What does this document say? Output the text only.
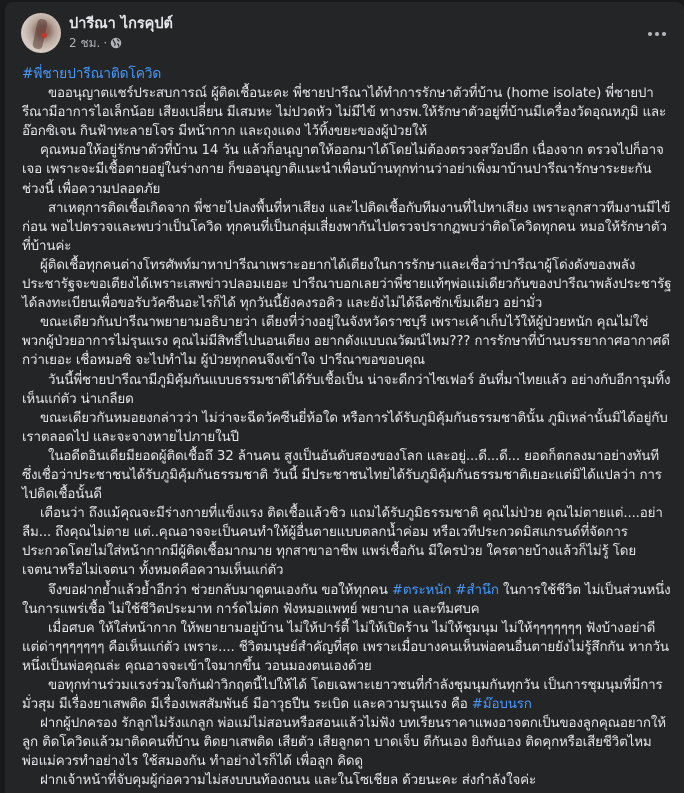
ปารีณา ไกรคุปต์
2 ชม. ·

#พี่ชายปารีณาติดโควิด

ขออนุญาตแชร์ประสบการณ์ ผู้ติดเชื้อนะคะ พี่ชายปารีณาได้ทำการรักษาตัวที่บ้าน (home isolate) พี่ชายปารีณามีอาการไอเล็กน้อย เสียงเปลี่ยน มีเสมหะ ไม่ปวดหัว ไม่มีไข้ ทางรพ.ให้รักษาตัวอยู่ที่บ้านมีเครื่องวัดอุณหภูมิ และอ๊อกซิเจน กินฟ้าทะลายโจร มีหน้ากาก และถุงแดง ไว้ทิ้งขยะของผู้ป่วยให้

คุณหมอให้อยู่รักษาตัวที่บ้าน 14 วัน แล้วก็อนุญาตให้ออกมาได้โดยไม่ต้องตรวจสว๊อปอีก เนื่องจาก ตรวจไปก็อาจเจอ เพราะจะมีเชื้อตายอยู่ในร่างกาย ก็ขออนุญาติแนะนำเพื่อนบ้านทุกท่านว่าอย่าเพิ่งมาบ้านปารีณารักษาระยะกันช่วงนี้ เพื่อความปลอดภัย

สาเหตุการติดเชื้อเกิดจาก พี่ชายไปลงพื้นที่หาเสียง และไปติดเชื้อกับทีมงานที่ไปหาเสียง เพราะลูกสาวทีมงานมีไข้ก่อน พอไปตรวจและพบว่าเป็นโควิด ทุกคนที่เป็นกลุ่มเสี่ยงพากันไปตรวจปรากฏพบว่าติดโควิดทุกคน หมอให้รักษาตัวที่บ้านค่ะ

ผู้ติดเชื้อทุกคนต่างโทรศัพท์มาหาปารีณาเพราะอยากได้เตียงในการรักษาและเชื่อว่าปารีณาผู้โด่งดังของพลังประชารัฐจะขอเตียงได้เพราะเสพข่าวปลอมเยอะ ปารีณาบอกเลยว่าพี่ชายแท้ๆพ่อแม่เดียวกันของปารีณาพลังประชารัฐได้ลงทะเบียนเพื่อขอรับวัคซีนอะไรก็ได้ ทุกวันนี้ยังคงรอคิว และยังไม่ได้ฉีดซักเข็มเดียว อย่ามั่ว

ขณะเดียวกันปารีณาพยายามอธิบายว่า เตียงที่ว่างอยู่ในจังหวัดราชบุรี เพราะเค้าเก็บไว้ให้ผู้ป่วยหนัก คุณไม่ใช่พวกผู้ป่วยอาการไม่รุนแรง คุณไม่มีสิทธิ์ไปนอนเตียง อยากดังแบบณวัฒน์ไหม??? การรักษาที่บ้านบรรยากาศอากาศดีกว่าเยอะ เชื่อหมอซิ จะไปทำไม ผู้ป่วยทุกคนจึงเข้าใจ ปารีณาขอขอบคุณ

วันนี้พี่ชายปารีณามีภูมิคุ้มกันแบบธรรมชาติได้รับเชื้อเป็น น่าจะดีกว่าไซเฟอร์ อันที่มาไทยแล้ว อย่างกับอีการุมทิ้ง เห็นแก่ตัว น่าเกลียด

ขณะเดียวกันหมอยงกล่าวว่า ไม่ว่าจะฉีดวัคซีนยี่ห้อใด หรือการได้รับภูมิคุ้มกันธรรมชาตินั้น ภูมิเหล่านั้นมิได้อยู่กับเราตลอดไป และจะจางหายไปภายในปี

ในอดีตอินเดียมียอดผู้ติดเชื้อถึ 32 ล้านคน สูงเป็นอันดับสองของโลก และอยู่...ดี...ดี... ยอดก็ตกลงมาอย่างทันที ซึ่งเชื่อว่าประชาชนได้รับภูมิคุ้มกันธรรมชาติ วันนี้ มีประชาชนไทยได้รับภูมิคุ้มกันธรรมชาติเยอะแต่มิได้แปลว่า การไปติดเชื้อนั้นดี

เตือนว่า ถึงแม้คุณจะมีร่างกายที่แข็งแรง ติดเชื้อแล้วชิว แถมได้รับภูมิธรรมชาติ คุณไม่ป่วย คุณไม่ตายแต่....อย่าลืม... ถึงคุณไม่ตาย แต่..คุณอาจจะเป็นคนทำให้ผู้อื่นตายแบบตลกน้ำค่อม หรือเวทีประกวดมิสแกรนด์ที่จัดการประกวดโดยไม่ใส่หน้ากากมีผู้ติดเชื้อมากมาย ทุกสาขาอาชีพ แพร่เชื้อกัน มีใครป่วย ใครตายบ้างแล้วก็ไม่รู้ โดยเจตนาหรือไม่เจตนา ทั้งหมดคือความเห็นแก่ตัว

จึงขอฝากย้ำแล้วย้ำอีกว่า ช่วยกลับมาดูตนเองกัน ขอให้ทุกคน #ตระหนัก #สำนึก ในการใช้ชีวิต ไม่เป็นส่วนหนึ่งในการแพร่เชื้อ ไม่ใช้ชีวิตประมาท การ์ดไม่ตก ฟังหมอแพทย์ พยาบาล และทีมศบค

เมื่อศบค ให้ใส่หน้ากาก ให้พยายามอยู่บ้าน ไม่ให้ปาร์ตี้ ไม่ให้เปิดร้าน ไม่ให้ชุมนุม ไม่ให้ๆๆๆๆๆๆๆ ฟังบ้างอย่าดีแต่ด่าๆๆๆๆๆๆๆ คือเห็นแก่ตัว เพราะ.... ชีวิตมนุษย์สำคัญที่สุด เพราะเมื่อบางคนเห็นพ่อคนอื่นตายยังไม่รู้สึกกัน หากวันหนึ่งเป็นพ่อคุณล่ะ คุณอาจจะเข้าใจมากขึ้น วอนมองตนเองด้วย

ขอทุกท่านร่วมแรงร่วมใจกันฝ่าวิกฤตนี้ไปให้ได้ โดยเฉพาะเยาวชนที่กำลังชุมนุมกันทุกวัน เป็นการชุมนุมที่มีการมั่วสุม มีเรื่องยาเสพติด มีเรื่องเพสสัมพันธ์ มีอาวุธปืน ระเบิด และความรุนแรง คือ #ม๊อบนรก

ฝากผู้ปกครอง รักลูกไม่รังแกลูก พ่อแม่ไม่สอนหรือสอนแล้วไม่ฟัง บทเรียนราคาแพงอาจตกเป็นของลูกคุณอยากให้ลูก ติดโควิดแล้วมาติดคนที่บ้าน ติดยาเสพติด เสียตัว เสียลูกตา บาดเจ็บ ตีกันเอง ยิงกันเอง ติดคุกหรือเสียชีวิตไหม พ่อแม่ควรทำอย่างไร ใช้สมองกัน ทำอย่างไรก็ได้ เพื่อลูก คิดดู

ฝากเจ้าหน้าที่จับคุมผู้ก่อความไม่สงบบนท้องถนน และในโซเชียล ด้วยนะคะ ส่งกำลังใจค่ะ
